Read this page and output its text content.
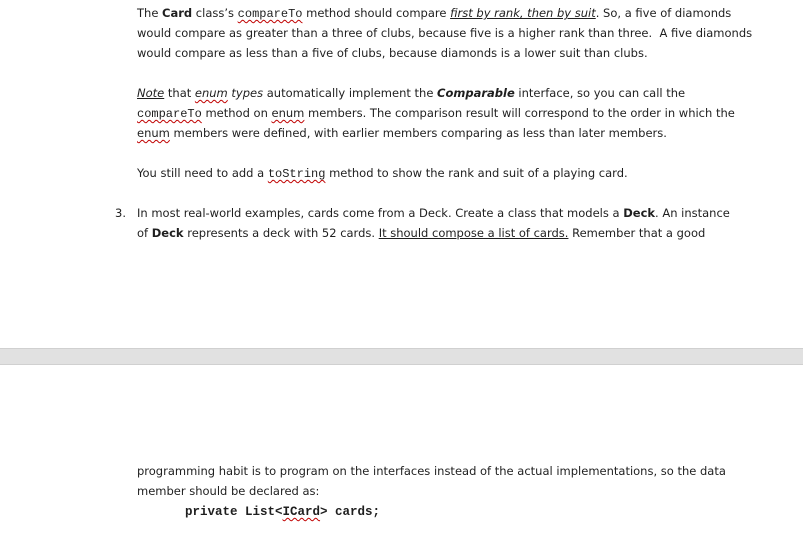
The Card class’s compareTo method should compare first by rank, then by suit. So, a five of diamonds
would compare as greater than a three of clubs, because five is a higher rank than three.  A five diamonds
would compare as less than a five of clubs, because diamonds is a lower suit than clubs.
Note that enum types automatically implement the Comparable interface, so you can call the
compareTo method on enum members. The comparison result will correspond to the order in which the
enum members were defined, with earlier members comparing as less than later members.
You still need to add a toString method to show the rank and suit of a playing card.
3. In most real-world examples, cards come from a Deck. Create a class that models a Deck. An instance
of Deck represents a deck with 52 cards. It should compose a list of cards. Remember that a good
programming habit is to program on the interfaces instead of the actual implementations, so the data
member should be declared as:
private List<ICard> cards;
